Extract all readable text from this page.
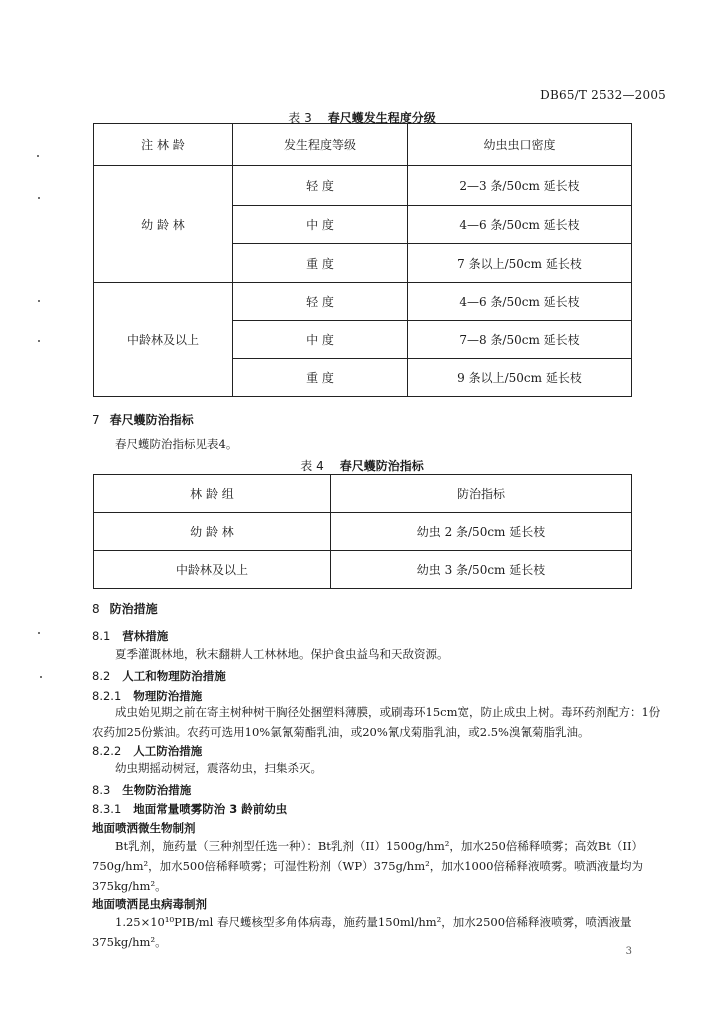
DB65/T 2532—2005
表 3 春尺蠖发生程度分级
注 林 龄	发生程度等级	幼虫虫口密度
幼 龄 林	轻 度	2—3 条/50cm 延长枝
	中 度	4—6 条/50cm 延长枝
	重 度	7 条以上/50cm 延长枝
中龄林及以上	轻 度	4—6 条/50cm 延长枝
	中 度	7—8 条/50cm 延长枝
	重 度	9 条以上/50cm 延长枝
7 春尺蠖防治指标
春尺蠖防治指标见表4。
表 4 春尺蠖防治指标
林 龄 组	防治指标
幼 龄 林	幼虫 2 条/50cm 延长枝
中龄林及以上	幼虫 3 条/50cm 延长枝
8 防治措施
8.1 营林措施
夏季灌溉林地，秋末翻耕人工林林地。保护食虫益鸟和天敌资源。
8.2 人工和物理防治措施
8.2.1 物理防治措施
成虫始见期之前在寄主树种树干胸径处捆塑料薄膜，或刷毒环15cm宽，防止成虫上树。毒环药剂配方：1份农药加25份紫油。农药可选用10%氯氰菊酯乳油，或20%氰戊菊脂乳油，或2.5%溴氰菊脂乳油。
8.2.2 人工防治措施
幼虫期摇动树冠，震落幼虫，扫集杀灭。
8.3 生物防治措施
8.3.1 地面常量喷雾防治 3 龄前幼虫
地面喷洒微生物制剂
Bt乳剂，施药量（三种剂型任选一种）：Bt乳剂（II）1500g/hm²，加水250倍稀释喷雾；高效Bt（II）750g/hm²，加水500倍稀释喷雾；可湿性粉剂（WP）375g/hm²，加水1000倍稀释液喷雾。喷洒液量均为375kg/hm²。
地面喷洒昆虫病毒制剂
1.25×10¹⁰PIB/ml 春尺蠖核型多角体病毒，施药量150ml/hm²，加水2500倍稀释液喷雾，喷洒液量375kg/hm²。
3
